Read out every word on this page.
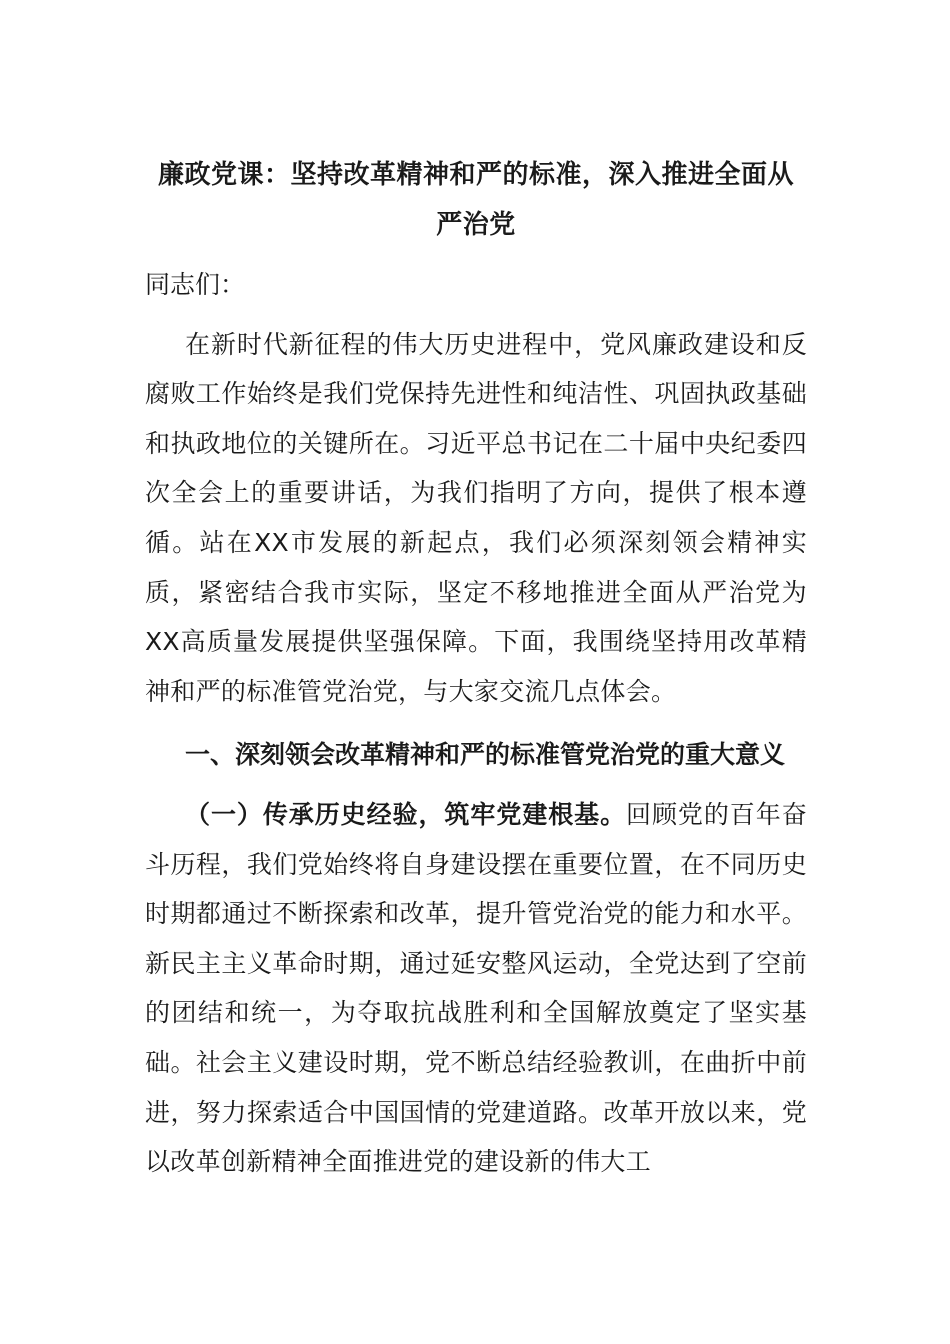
廉政党课：坚持改革精神和严的标准，深入推进全面从严治党

同志们：

在新时代新征程的伟大历史进程中，党风廉政建设和反腐败工作始终是我们党保持先进性和纯洁性、巩固执政基础和执政地位的关键所在。习近平总书记在二十届中央纪委四次全会上的重要讲话，为我们指明了方向，提供了根本遵循。站在XX市发展的新起点，我们必须深刻领会精神实质，紧密结合我市实际，坚定不移地推进全面从严治党为XX高质量发展提供坚强保障。下面，我围绕坚持用改革精神和严的标准管党治党，与大家交流几点体会。

一、深刻领会改革精神和严的标准管党治党的重大意义

（一）传承历史经验，筑牢党建根基。回顾党的百年奋斗历程，我们党始终将自身建设摆在重要位置，在不同历史时期都通过不断探索和改革，提升管党治党的能力和水平。新民主主义革命时期，通过延安整风运动，全党达到了空前的团结和统一，为夺取抗战胜利和全国解放奠定了坚实基础。社会主义建设时期，党不断总结经验教训，在曲折中前进，努力探索适合中国国情的党建道路。改革开放以来，党以改革创新精神全面推进党的建设新的伟大工
